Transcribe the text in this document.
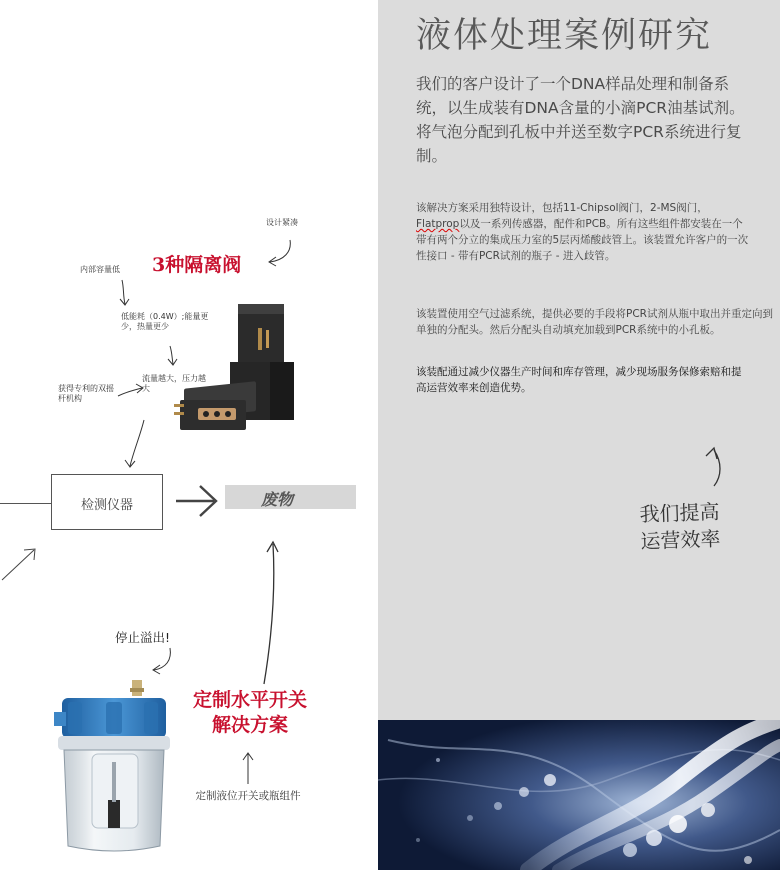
液体处理案例研究
我们的客户设计了一个DNA样品处理和制备系统，以生成装有DNA含量的小滴PCR油基试剂。将气泡分配到孔板中并送至数字PCR系统进行复制。
该解决方案采用独特设计，包括11-Chipsol阀门，2-MS阀门，Flatprop以及一系列传感器，配件和PCB。所有这些组件都安装在一个带有两个分立的集成压力室的5层丙烯酸歧管上。该装置允许客户的一次性接口 - 带有PCR试剂的瓶子 - 进入歧管。
该装置使用空气过滤系统，提供必要的手段将PCR试剂从瓶中取出并重定向到单独的分配头。然后分配头自动填充加载到PCR系统中的小孔板。
该装配通过减少仪器生产时间和库存管理，减少现场服务保修索赔和提高运营效率来创造优势。
我们提高
运营效率
设计紧凑
3种隔离阀
内部容量低
低能耗（0.4W）;能量更少，热量更少
流量越大，压力越大
获得专利的双摇杆机构
检测仪器	废物
停止溢出!
定制水平开关解决方案
定制液位开关或瓶组件
